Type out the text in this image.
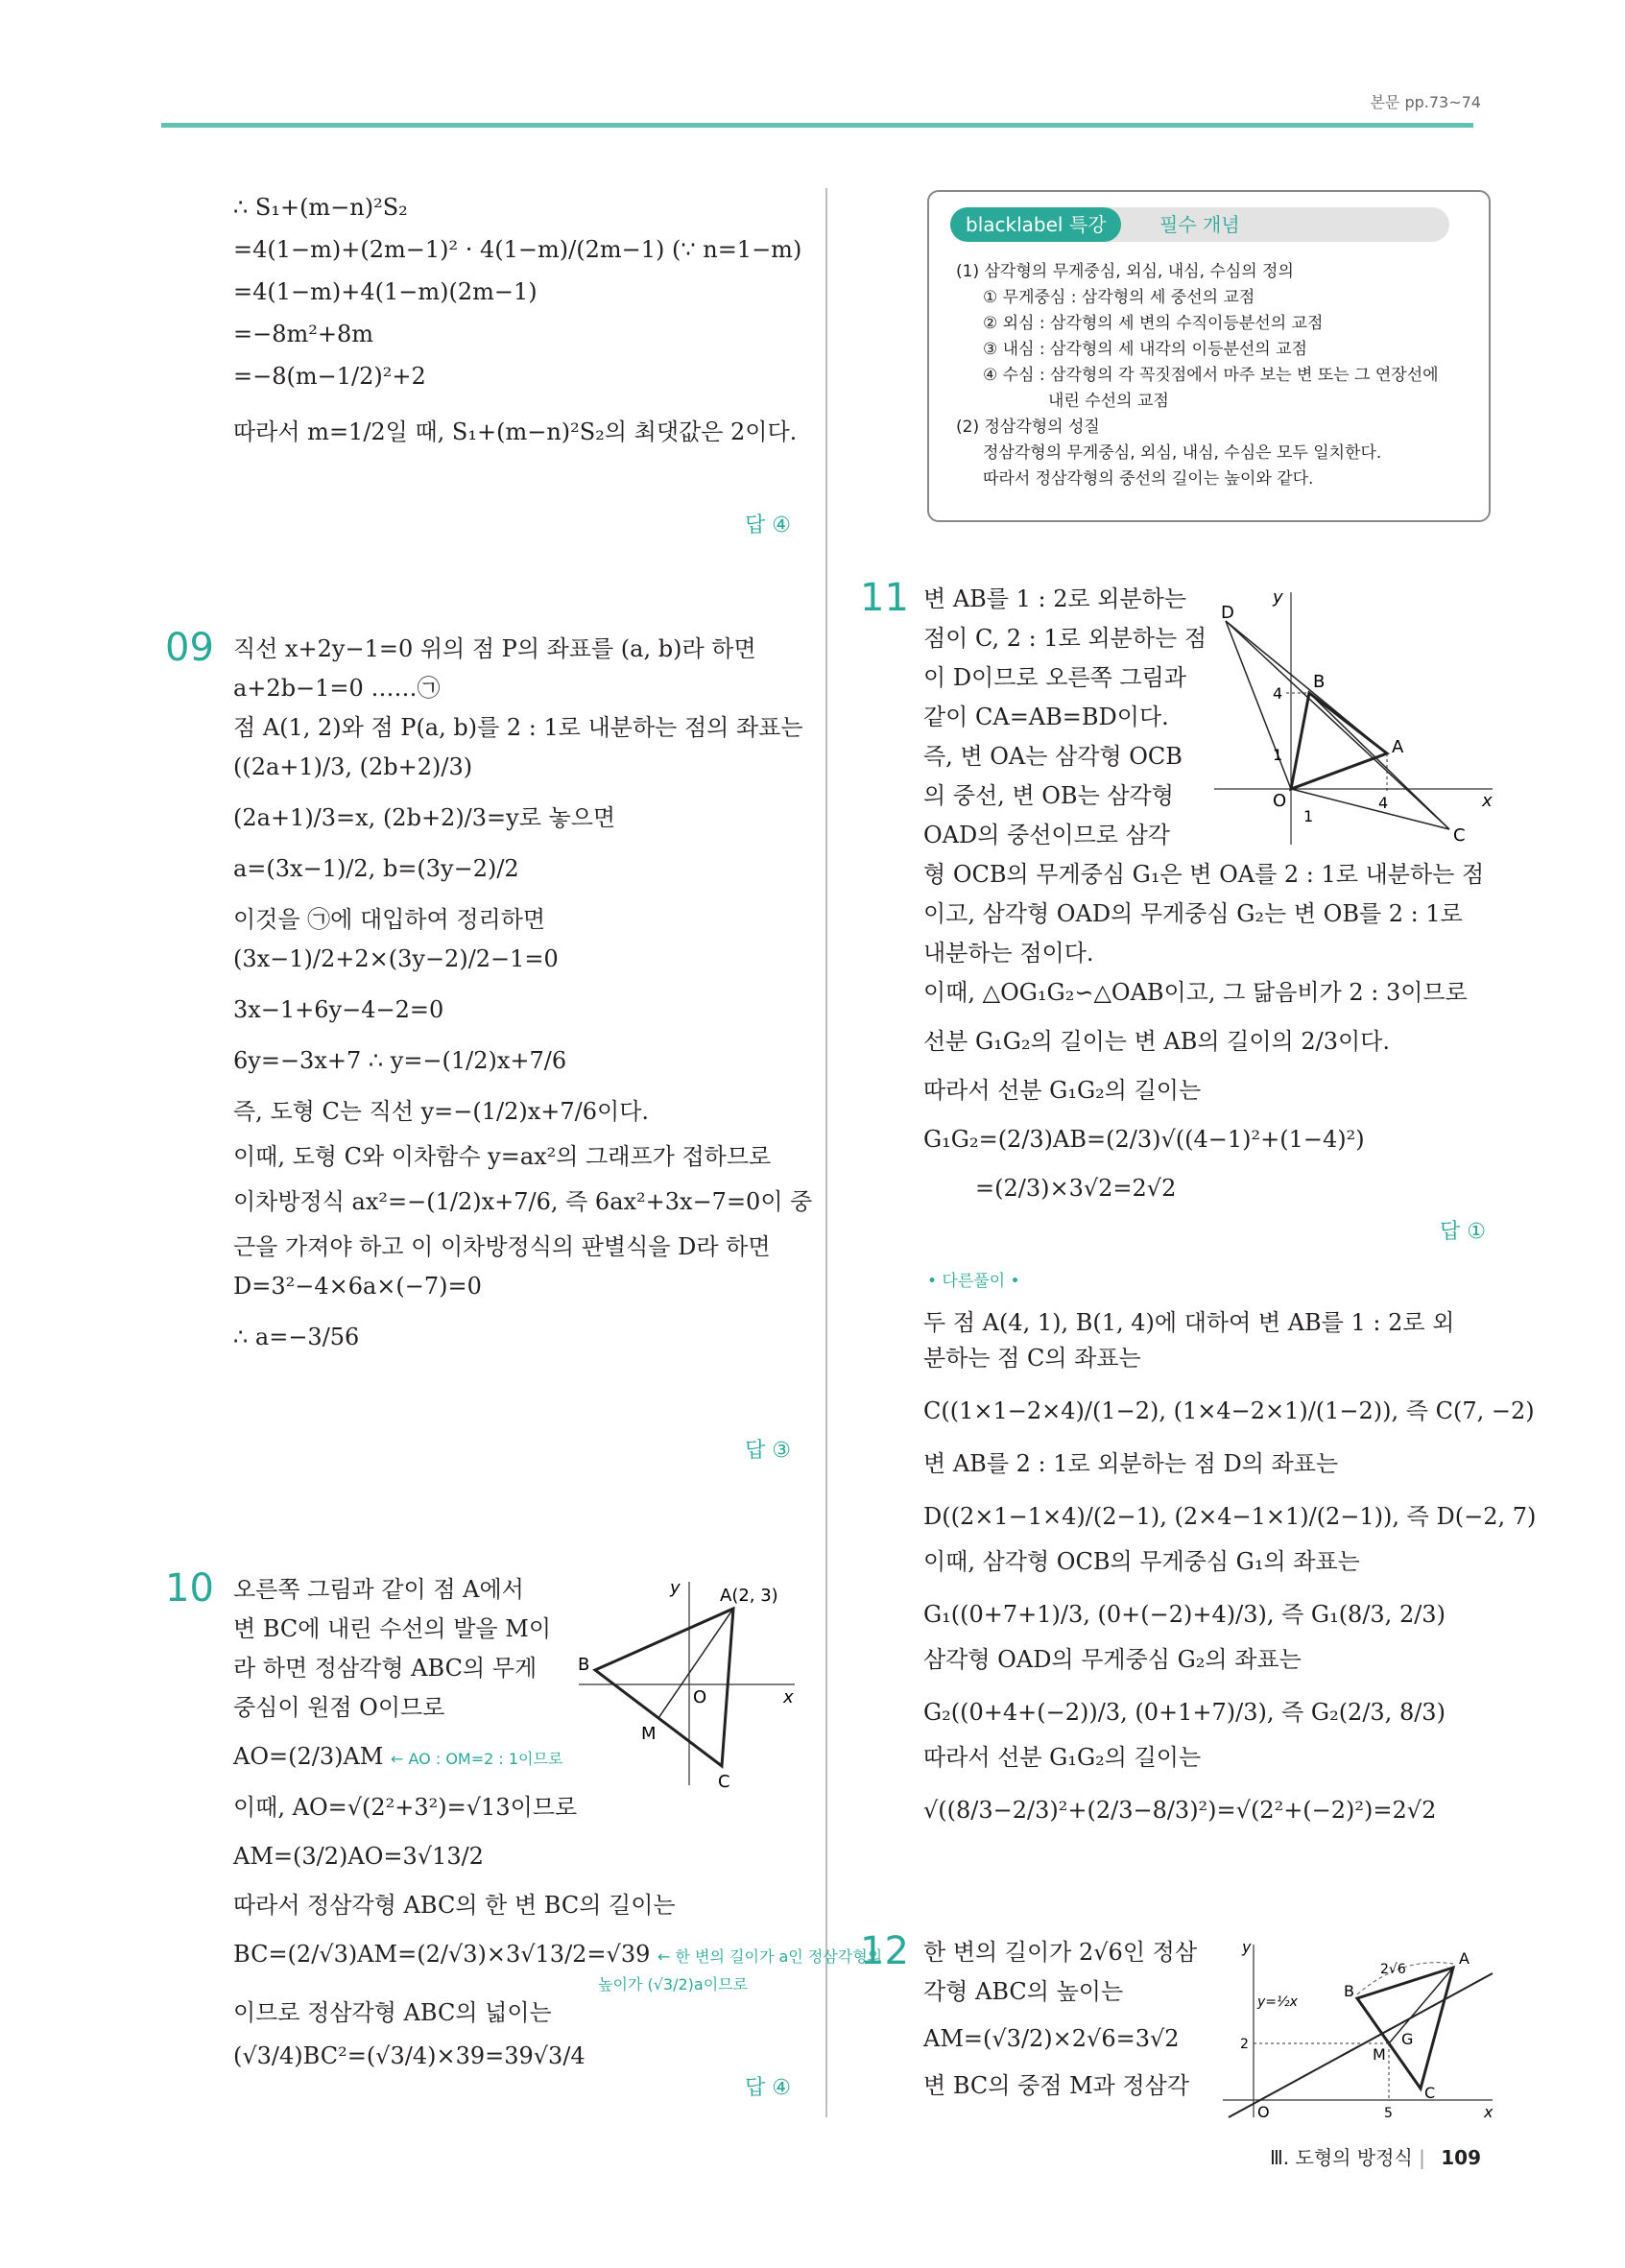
본문 pp.73~74
∴ S₁+(m−n)²S₂
=4(1−m)+(2m−1)² · 4(1−m)/(2m−1) (∵ n=1−m)
=4(1−m)+4(1−m)(2m−1)
=−8m²+8m
=−8(m−1/2)²+2
따라서 m=1/2일 때, S₁+(m−n)²S₂의 최댓값은 2이다.
답 ④
blacklabel 특강	필수 개념
(1) 삼각형의 무게중심, 외심, 내심, 수심의 정의
① 무게중심 : 삼각형의 세 중선의 교점
② 외심 : 삼각형의 세 변의 수직이등분선의 교점
③ 내심 : 삼각형의 세 내각의 이등분선의 교점
④ 수심 : 삼각형의 각 꼭짓점에서 마주 보는 변 또는 그 연장선에
내린 수선의 교점
(2) 정삼각형의 성질
정삼각형의 무게중심, 외심, 내심, 수심은 모두 일치한다.
따라서 정삼각형의 중선의 길이는 높이와 같다.
09 직선 x+2y−1=0 위의 점 P의 좌표를 (a, b)라 하면
a+2b−1=0 ……㉠
점 A(1, 2)와 점 P(a, b)를 2 : 1로 내분하는 점의 좌표는
((2a+1)/3, (2b+2)/3)
(2a+1)/3=x, (2b+2)/3=y로 놓으면
a=(3x−1)/2, b=(3y−2)/2
이것을 ㉠에 대입하여 정리하면
(3x−1)/2+2×(3y−2)/2−1=0
3x−1+6y−4−2=0
6y=−3x+7 ∴ y=−(1/2)x+7/6
즉, 도형 C는 직선 y=−(1/2)x+7/6이다.
이때, 도형 C와 이차함수 y=ax²의 그래프가 접하므로
이차방정식 ax²=−(1/2)x+7/6, 즉 6ax²+3x−7=0이 중
근을 가져야 하고 이 이차방정식의 판별식을 D라 하면
D=3²−4×6a×(−7)=0
∴ a=−3/56
답 ③
10 오른쪽 그림과 같이 점 A에서
변 BC에 내린 수선의 발을 M이
라 하면 정삼각형 ABC의 무게
중심이 원점 O이므로
AO=(2/3)AM ← AO : OM=2 : 1이므로
이때, AO=√(2²+3²)=√13이므로
AM=(3/2)AO=3√13/2
따라서 정삼각형 ABC의 한 변 BC의 길이는
BC=(2/√3)AM=(2/√3)×3√13/2=√39 ← 한 변의 길이가 a인 정삼각형의
높이가 (√3/2)a이므로
이므로 정삼각형 ABC의 넓이는
(√3/4)BC²=(√3/4)×39=39√3/4
답 ④
A(2, 3)
B
C
M
O	x
y
11 변 AB를 1 : 2로 외분하는
점이 C, 2 : 1로 외분하는 점
이 D이므로 오른쪽 그림과
같이 CA=AB=BD이다.
즉, 변 OA는 삼각형 OCB
의 중선, 변 OB는 삼각형
OAD의 중선이므로 삼각
형 OCB의 무게중심 G₁은 변 OA를 2 : 1로 내분하는 점
이고, 삼각형 OAD의 무게중심 G₂는 변 OB를 2 : 1로
내분하는 점이다.
이때, △OG₁G₂∽△OAB이고, 그 닮음비가 2 : 3이므로
선분 G₁G₂의 길이는 변 AB의 길이의 2/3이다.
따라서 선분 G₁G₂의 길이는
G₁G₂=(2/3)AB=(2/3)√((4−1)²+(1−4)²)
=(2/3)×3√2=2√2
답 ①
• 다른풀이 •
두 점 A(4, 1), B(1, 4)에 대하여 변 AB를 1 : 2로 외
분하는 점 C의 좌표는
C((1×1−2×4)/(1−2), (1×4−2×1)/(1−2)), 즉 C(7, −2)
변 AB를 2 : 1로 외분하는 점 D의 좌표는
D((2×1−1×4)/(2−1), (2×4−1×1)/(2−1)), 즉 D(−2, 7)
이때, 삼각형 OCB의 무게중심 G₁의 좌표는
G₁((0+7+1)/3, (0+(−2)+4)/3), 즉 G₁(8/3, 2/3)
삼각형 OAD의 무게중심 G₂의 좌표는
G₂((0+4+(−2))/3, (0+1+7)/3), 즉 G₂(2/3, 8/3)
따라서 선분 G₁G₂의 길이는
√((8/3−2/3)²+(2/3−8/3)²)=√(2²+(−2)²)=2√2
D
B
A
C
O	x
y
4
1
4
1
12 한 변의 길이가 2√6인 정삼
각형 ABC의 높이는
AM=(√3/2)×2√6=3√2
변 BC의 중점 M과 정삼각
A
B
C
M
G
O	x
y
2√6
y=½x
2
5
Ⅲ. 도형의 방정식 | 109
